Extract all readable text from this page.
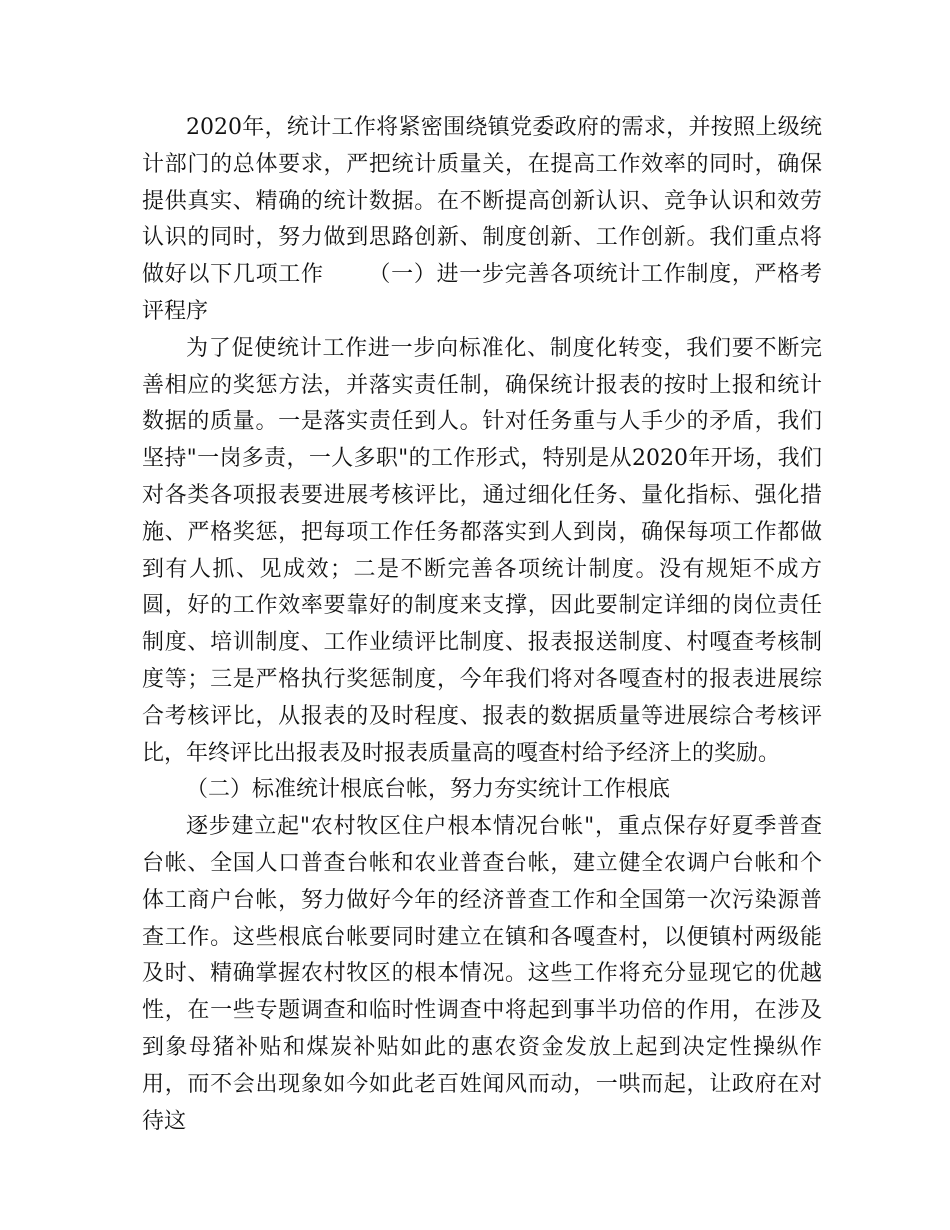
2020年，统计工作将紧密围绕镇党委政府的需求，并按照上级统计部门的总体要求，严把统计质量关，在提高工作效率的同时，确保提供真实、精确的统计数据。在不断提高创新认识、竞争认识和效劳认识的同时，努力做到思路创新、制度创新、工作创新。我们重点将做好以下几项工作 （一）进一步完善各项统计工作制度，严格考评程序

为了促使统计工作进一步向标准化、制度化转变，我们要不断完善相应的奖惩方法，并落实责任制，确保统计报表的按时上报和统计数据的质量。一是落实责任到人。针对任务重与人手少的矛盾，我们坚持"一岗多责，一人多职"的工作形式，特别是从2020年开场，我们对各类各项报表要进展考核评比，通过细化任务、量化指标、强化措施、严格奖惩，把每项工作任务都落实到人到岗，确保每项工作都做到有人抓、见成效；二是不断完善各项统计制度。没有规矩不成方圆，好的工作效率要靠好的制度来支撑，因此要制定详细的岗位责任制度、培训制度、工作业绩评比制度、报表报送制度、村嘎查考核制度等；三是严格执行奖惩制度，今年我们将对各嘎查村的报表进展综合考核评比，从报表的及时程度、报表的数据质量等进展综合考核评比，年终评比出报表及时报表质量高的嘎查村给予经济上的奖励。

（二）标准统计根底台帐，努力夯实统计工作根底

逐步建立起"农村牧区住户根本情况台帐"，重点保存好夏季普查台帐、全国人口普查台帐和农业普查台帐，建立健全农调户台帐和个体工商户台帐，努力做好今年的经济普查工作和全国第一次污染源普查工作。这些根底台帐要同时建立在镇和各嘎查村，以便镇村两级能及时、精确掌握农村牧区的根本情况。这些工作将充分显现它的优越性，在一些专题调查和临时性调查中将起到事半功倍的作用，在涉及到象母猪补贴和煤炭补贴如此的惠农资金发放上起到决定性操纵作用，而不会出现象如今如此老百姓闻风而动，一哄而起，让政府在对待这
